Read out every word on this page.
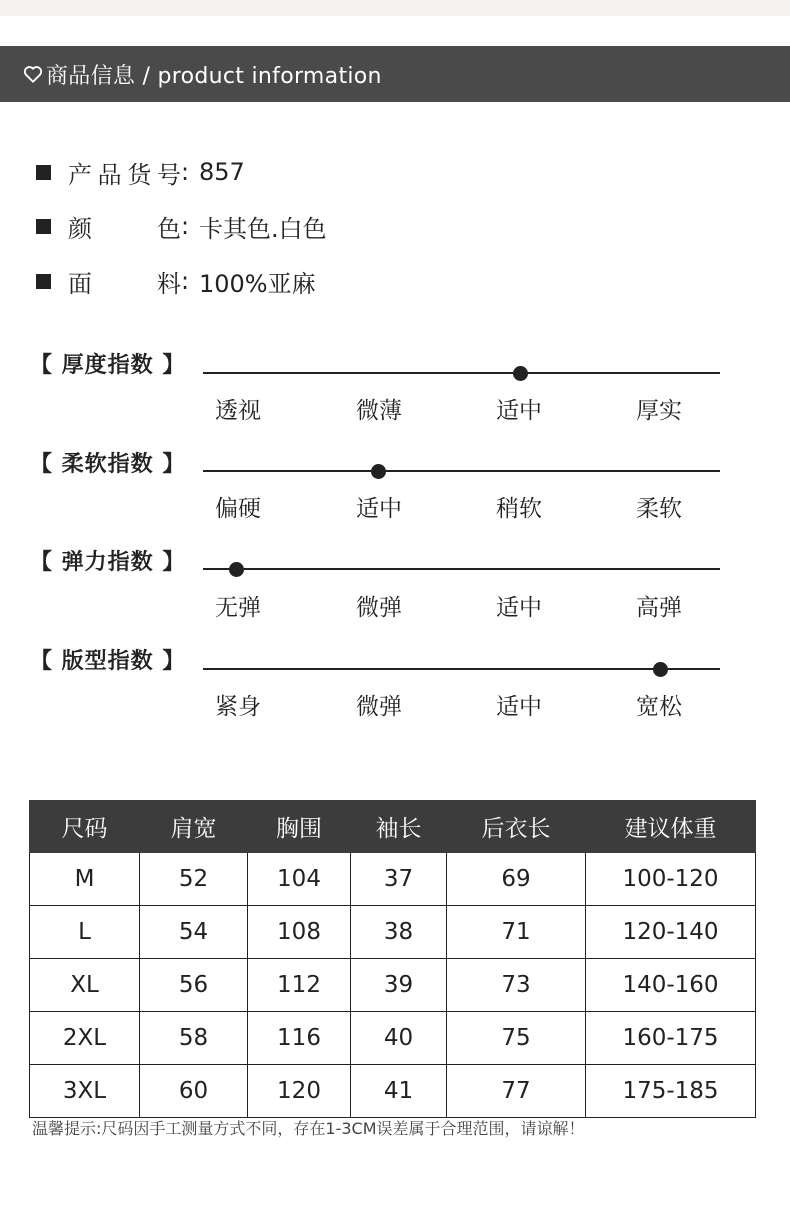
商品信息 / product information
产品货号 : 857
颜色 : 卡其色.白色
面料 : 100%亚麻
【 厚度指数 】
透视	微薄	适中	厚实
【 柔软指数 】
偏硬	适中	稍软	柔软
【 弹力指数 】
无弹	微弹	适中	高弹
【 版型指数 】
紧身	微弹	适中	宽松
尺码	肩宽	胸围	袖长	后衣长	建议体重
M	52	104	37	69	100-120
L	54	108	38	71	120-140
XL	56	112	39	73	140-160
2XL	58	116	40	75	160-175
3XL	60	120	41	77	175-185
温馨提示:尺码因手工测量方式不同，存在1-3CM误差属于合理范围，请谅解！
